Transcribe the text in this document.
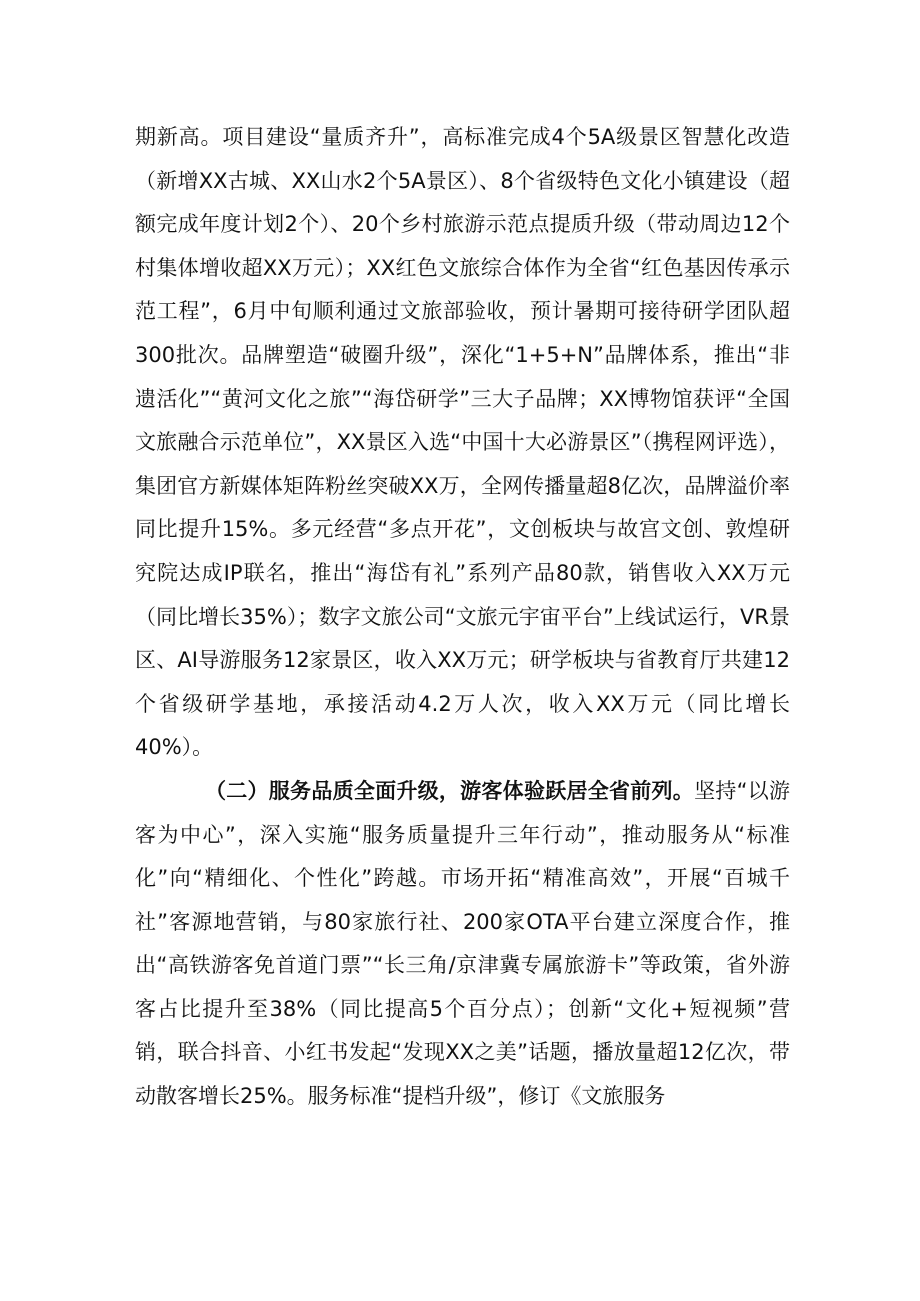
期新高。项目建设“量质齐升”，高标准完成4个5A级景区智慧化改造（新增XX古城、XX山水2个5A景区）、8个省级特色文化小镇建设（超额完成年度计划2个）、20个乡村旅游示范点提质升级（带动周边12个村集体增收超XX万元）；XX红色文旅综合体作为全省“红色基因传承示范工程”，6月中旬顺利通过文旅部验收，预计暑期可接待研学团队超300批次。品牌塑造“破圈升级”，深化“1+5+N”品牌体系，推出“非遗活化”“黄河文化之旅”“海岱研学”三大子品牌；XX博物馆获评“全国文旅融合示范单位”，XX景区入选“中国十大必游景区”（携程网评选），集团官方新媒体矩阵粉丝突破XX万，全网传播量超8亿次，品牌溢价率同比提升15%。多元经营“多点开花”，文创板块与故宫文创、敦煌研究院达成IP联名，推出“海岱有礼”系列产品80款，销售收入XX万元（同比增长35%）；数字文旅公司“文旅元宇宙平台”上线试运行，VR景区、AI导游服务12家景区，收入XX万元；研学板块与省教育厅共建12个省级研学基地，承接活动4.2万人次，收入XX万元（同比增长40%）。

（二）服务品质全面升级，游客体验跃居全省前列。坚持“以游客为中心”，深入实施“服务质量提升三年行动”，推动服务从“标准化”向“精细化、个性化”跨越。市场开拓“精准高效”，开展“百城千社”客源地营销，与80家旅行社、200家OTA平台建立深度合作，推出“高铁游客免首道门票”“长三角/京津冀专属旅游卡”等政策，省外游客占比提升至38%（同比提高5个百分点）；创新“文化+短视频”营销，联合抖音、小红书发起“发现XX之美”话题，播放量超12亿次，带动散客增长25%。服务标准“提档升级”，修订《文旅服务
